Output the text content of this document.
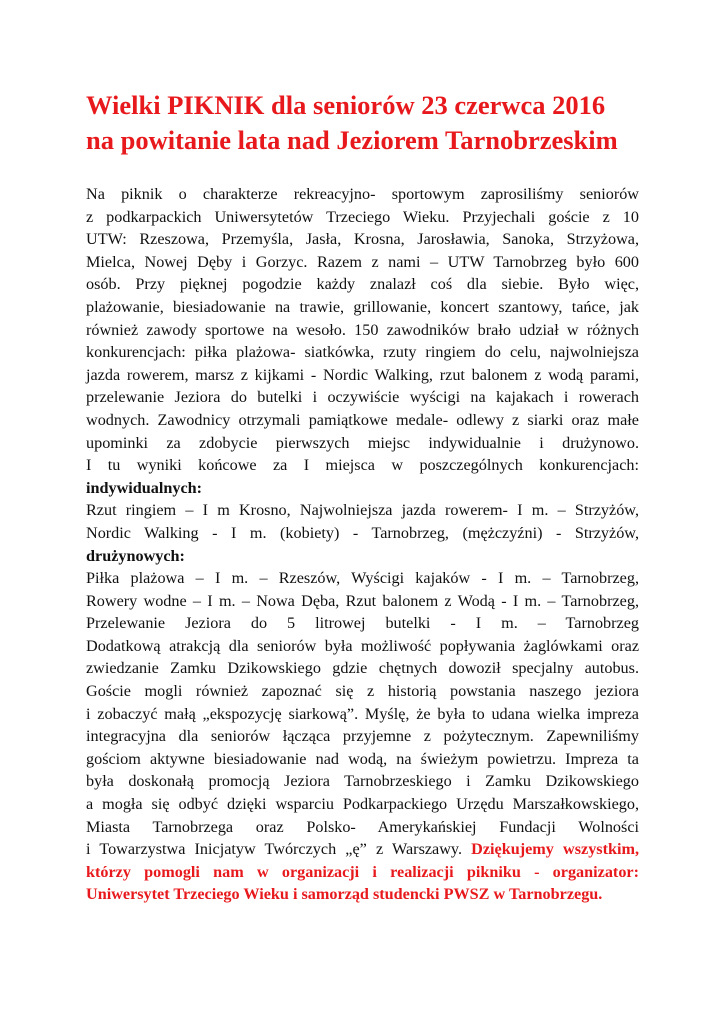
Wielki PIKNIK dla seniorów 23 czerwca 2016
na powitanie lata nad Jeziorem Tarnobrzeskim
Na piknik o charakterze rekreacyjno- sportowym zaprosiliśmy seniorów
z podkarpackich Uniwersytetów Trzeciego Wieku. Przyjechali goście z 10
UTW: Rzeszowa, Przemyśla, Jasła, Krosna, Jarosławia, Sanoka, Strzyżowa,
Mielca, Nowej Dęby i Gorzyc. Razem z nami – UTW Tarnobrzeg było 600
osób. Przy pięknej pogodzie każdy znalazł coś dla siebie. Było więc,
plażowanie, biesiadowanie na trawie, grillowanie, koncert szantowy, tańce, jak
również zawody sportowe na wesoło. 150 zawodników brało udział w różnych
konkurencjach: piłka plażowa- siatkówka, rzuty ringiem do celu, najwolniejsza
jazda rowerem, marsz z kijkami - Nordic Walking, rzut balonem z wodą parami,
przelewanie Jeziora do butelki i oczywiście wyścigi na kajakach i rowerach
wodnych. Zawodnicy otrzymali pamiątkowe medale- odlewy z siarki oraz małe
upominki za zdobycie pierwszych miejsc indywidualnie i drużynowo.
I tu wyniki końcowe za I miejsca w poszczególnych konkurencjach:
indywidualnych:
Rzut ringiem – I m Krosno, Najwolniejsza jazda rowerem- I m. – Strzyżów,
Nordic Walking - I m. (kobiety) - Tarnobrzeg, (mężczyźni) - Strzyżów,
drużynowych:
Piłka plażowa – I m. – Rzeszów, Wyścigi kajaków - I m. – Tarnobrzeg,
Rowery wodne – I m. – Nowa Dęba, Rzut balonem z Wodą - I m. – Tarnobrzeg,
Przelewanie Jeziora do 5 litrowej butelki - I m. – Tarnobrzeg
Dodatkową atrakcją dla seniorów była możliwość popływania żaglówkami oraz
zwiedzanie Zamku Dzikowskiego gdzie chętnych dowoził specjalny autobus.
Goście mogli również zapoznać się z historią powstania naszego jeziora
i zobaczyć małą „ekspozycję siarkową”. Myślę, że była to udana wielka impreza
integracyjna dla seniorów łącząca przyjemne z pożytecznym. Zapewniliśmy
gościom aktywne biesiadowanie nad wodą, na świeżym powietrzu. Impreza ta
była doskonałą promocją Jeziora Tarnobrzeskiego i Zamku Dzikowskiego
a mogła się odbyć dzięki wsparciu Podkarpackiego Urzędu Marszałkowskiego,
Miasta Tarnobrzega oraz Polsko- Amerykańskiej Fundacji Wolności
i Towarzystwa Inicjatyw Twórczych „ę” z Warszawy. Dziękujemy wszystkim,
którzy pomogli nam w organizacji i realizacji pikniku - organizator:
Uniwersytet Trzeciego Wieku i samorząd studencki PWSZ w Tarnobrzegu.
